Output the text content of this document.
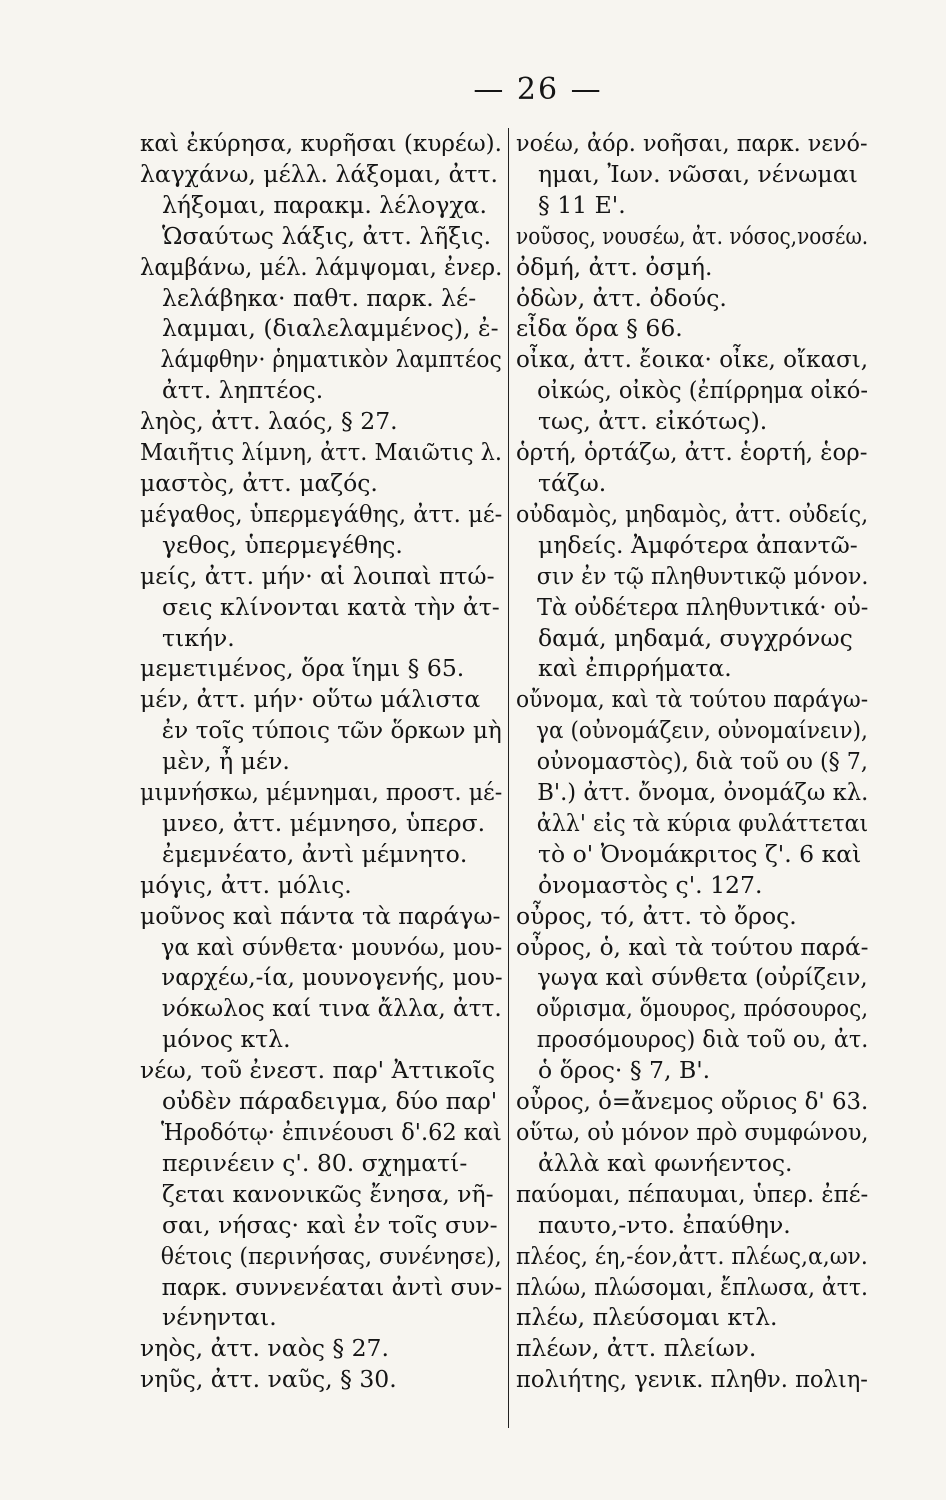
— 26 —
καὶ ἐκύρησα, κυρῆσαι (κυρέω).
λαγχάνω, μέλλ. λάξομαι, ἀττ.
λήξομαι, παρακμ. λέλογχα.
Ὡσαύτως λάξις, ἀττ. λῆξις.
λαμβάνω, μέλ. λάμψομαι, ἐνερ.
λελάβηκα· παθτ. παρκ. λέ-
λαμμαι, (διαλελαμμένος), ἐ-
λάμφθην· ῥηματικὸν λαμπτέος
ἀττ. ληπτέος.
ληὸς, ἀττ. λαός, § 27.
Μαιῆτις λίμνη, ἀττ. Μαιῶτις λ.
μαστὸς, ἀττ. μαζός.
μέγαθος, ὑπερμεγάθης, ἀττ. μέ-
γεθος, ὑπερμεγέθης.
μείς, ἀττ. μήν· αἱ λοιπαὶ πτώ-
σεις κλίνονται κατὰ τὴν ἀτ-
τικήν.
μεμετιμένος, ὅρα ἵημι § 65.
μέν, ἀττ. μήν· οὕτω μάλιστα
ἐν τοῖς τύποις τῶν ὅρκων μὴ
μὲν, ἦ μέν.
μιμνήσκω, μέμνημαι, προστ. μέ-
μνεο, ἀττ. μέμνησο, ὑπερσ.
ἐμεμνέατο, ἀντὶ μέμνητο.
μόγις, ἀττ. μόλις.
μοῦνος καὶ πάντα τὰ παράγω-
γα καὶ σύνθετα· μουνόω, μου-
ναρχέω,-ία, μουνογενής, μου-
νόκωλος καί τινα ἄλλα, ἀττ.
μόνος κτλ.
νέω, τοῦ ἐνεστ. παρ' Ἀττικοῖς
οὐδὲν πάραδειγμα, δύο παρ'
Ἡροδότῳ· ἐπινέουσι δ'.62 καὶ
περινέειν ς'. 80. σχηματί-
ζεται κανονικῶς ἔνησα, νῆ-
σαι, νήσας· καὶ ἐν τοῖς συν-
θέτοις (περινήσας, συνένησε),
παρκ. συννενέαται ἀντὶ συν-
νένηνται.
νηὸς, ἀττ. ναὸς § 27.
νηῦς, ἀττ. ναῦς, § 30.
νοέω, ἀόρ. νοῆσαι, παρκ. νενό-
ημαι, Ἰων. νῶσαι, νένωμαι
§ 11 Ε'.
νοῦσος, νουσέω, ἀτ. νόσος,νοσέω.
ὀδμή, ἀττ. ὀσμή.
ὀδὼν, ἀττ. ὀδούς.
εἶδα ὅρα § 66.
οἶκα, ἀττ. ἔοικα· οἶκε, οἴκασι,
οἰκώς, οἰκὸς (ἐπίρρημα οἰκό-
τως, ἀττ. εἰκότως).
ὁρτή, ὁρτάζω, ἀττ. ἑορτή, ἑορ-
τάζω.
οὐδαμὸς, μηδαμὸς, ἀττ. οὐδείς,
μηδείς. Ἀμφότερα ἀπαντῶ-
σιν ἐν τῷ πληθυντικῷ μόνον.
Τὰ οὐδέτερα πληθυντικά· οὐ-
δαμά, μηδαμά, συγχρόνως
καὶ ἐπιρρήματα.
οὔνομα, καὶ τὰ τούτου παράγω-
γα (οὐνομάζειν, οὐνομαίνειν),
οὐνομαστὸς), διὰ τοῦ ου (§ 7,
Β'.) ἀττ. ὄνομα, ὀνομάζω κλ.
ἀλλ' εἰς τὰ κύρια φυλάττεται
τὸ ο' Ὀνομάκριτος ζ'. 6 καὶ
ὀνομαστὸς ς'. 127.
οὖρος, τό, ἀττ. τὸ ὄρος.
οὖρος, ὁ, καὶ τὰ τούτου παρά-
γωγα καὶ σύνθετα (οὐρίζειν,
οὔρισμα, ὅμουρος, πρόσουρος,
προσόμουρος) διὰ τοῦ ου, ἀτ.
ὁ ὅρος· § 7, Β'.
οὖρος, ὁ=ἄνεμος οὔριος δ' 63.
οὕτω, οὐ μόνον πρὸ συμφώνου,
ἀλλὰ καὶ φωνήεντος.
παύομαι, πέπαυμαι, ὑπερ. ἐπέ-
παυτο,-ντο. ἐπαύθην.
πλέος, έη,-έον,ἀττ. πλέως,α,ων.
πλώω, πλώσομαι, ἔπλωσα, ἀττ.
πλέω, πλεύσομαι κτλ.
πλέων, ἀττ. πλείων.
πολιήτης, γενικ. πληθν. πολιη-
